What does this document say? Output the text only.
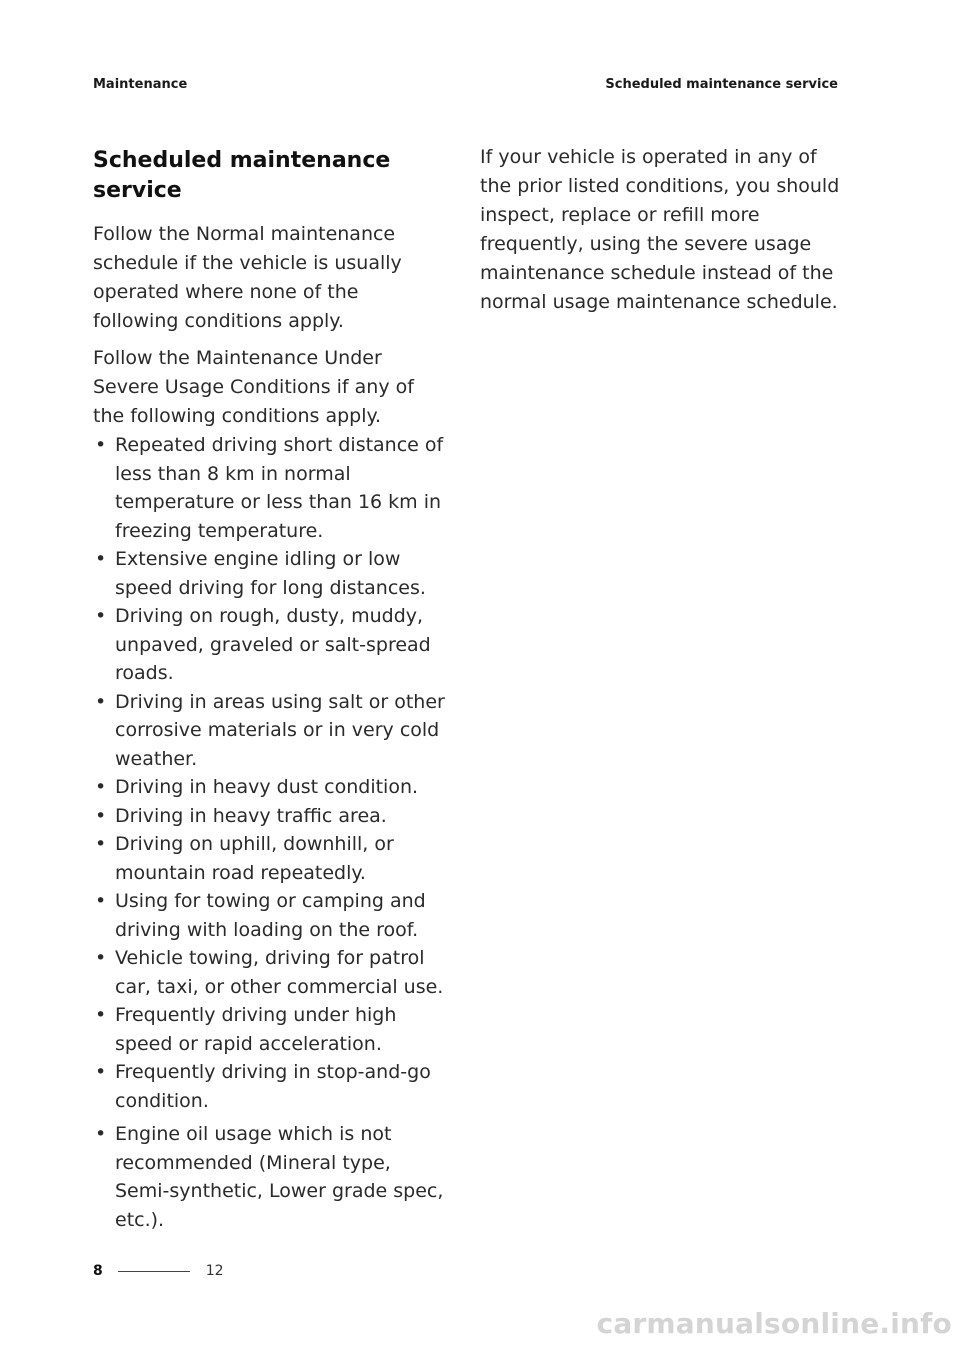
Maintenance	Scheduled maintenance service
Scheduled maintenance service

Follow the Normal maintenance schedule if the vehicle is usually operated where none of the following conditions apply.

Follow the Maintenance Under Severe Usage Conditions if any of the following conditions apply.

• Repeated driving short distance of less than 8 km in normal temperature or less than 16 km in freezing temperature.
• Extensive engine idling or low speed driving for long distances.
• Driving on rough, dusty, muddy, unpaved, graveled or salt-spread roads.
• Driving in areas using salt or other corrosive materials or in very cold weather.
• Driving in heavy dust condition.
• Driving in heavy traffic area.
• Driving on uphill, downhill, or mountain road repeatedly.
• Using for towing or camping and driving with loading on the roof.
• Vehicle towing, driving for patrol car, taxi, or other commercial use.
• Frequently driving under high speed or rapid acceleration.
• Frequently driving in stop-and-go condition.
• Engine oil usage which is not recommended (Mineral type, Semi-synthetic, Lower grade spec, etc.).

If your vehicle is operated in any of the prior listed conditions, you should inspect, replace or refill more frequently, using the severe usage maintenance schedule instead of the normal usage maintenance schedule.

8	12
carmanualsonline.info
